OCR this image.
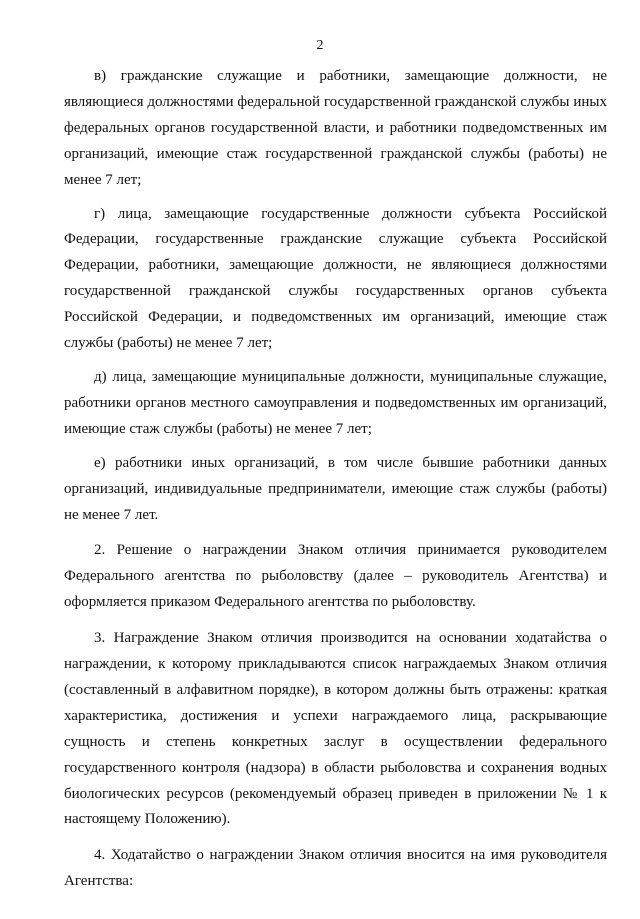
2

в) гражданские служащие и работники, замещающие должности, не являющиеся должностями федеральной государственной гражданской службы иных федеральных органов государственной власти, и работники подведомственных им организаций, имеющие стаж государственной гражданской службы (работы) не менее 7 лет;

г) лица, замещающие государственные должности субъекта Российской Федерации, государственные гражданские служащие субъекта Российской Федерации, работники, замещающие должности, не являющиеся должностями государственной гражданской службы государственных органов субъекта Российской Федерации, и подведомственных им организаций, имеющие стаж службы (работы) не менее 7 лет;

д) лица, замещающие муниципальные должности, муниципальные служащие, работники органов местного самоуправления и подведомственных им организаций, имеющие стаж службы (работы) не менее 7 лет;

е) работники иных организаций, в том числе бывшие работники данных организаций, индивидуальные предприниматели, имеющие стаж службы (работы) не менее 7 лет.

2. Решение о награждении Знаком отличия принимается руководителем Федерального агентства по рыболовству (далее – руководитель Агентства) и оформляется приказом Федерального агентства по рыболовству.

3. Награждение Знаком отличия производится на основании ходатайства о награждении, к которому прикладываются список награждаемых Знаком отличия (составленный в алфавитном порядке), в котором должны быть отражены: краткая характеристика, достижения и успехи награждаемого лица, раскрывающие сущность и степень конкретных заслуг в осуществлении федерального государственного контроля (надзора) в области рыболовства и сохранения водных биологических ресурсов (рекомендуемый образец приведен в приложении № 1 к настоящему Положению).

4. Ходатайство о награждении Знаком отличия вносится на имя руководителя Агентства:
